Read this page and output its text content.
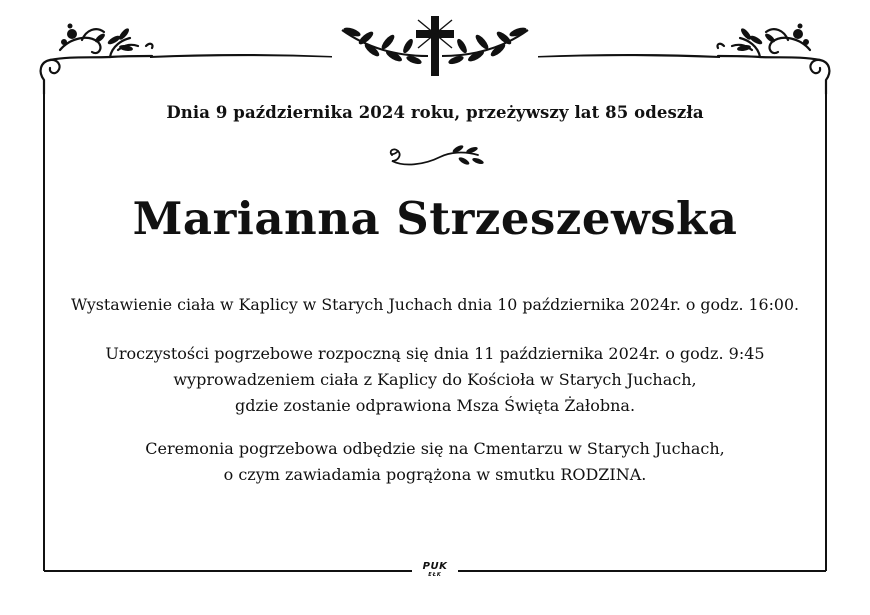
Dnia 9 października 2024 roku, przeżywszy lat 85 odeszła
Marianna Strzeszewska
Wystawienie ciała w Kaplicy w Starych Juchach dnia 10 października 2024r. o godz. 16:00.
Uroczystości pogrzebowe rozpoczną się dnia 11 października 2024r. o godz. 9:45
wyprowadzeniem ciała z Kaplicy do Kościoła w Starych Juchach,
gdzie zostanie odprawiona Msza Święta Żałobna.
Ceremonia pogrzebowa odbędzie się na Cmentarzu w Starych Juchach,
o czym zawiadamia pogrążona w smutku RODZINA.
PUK
EŁK
